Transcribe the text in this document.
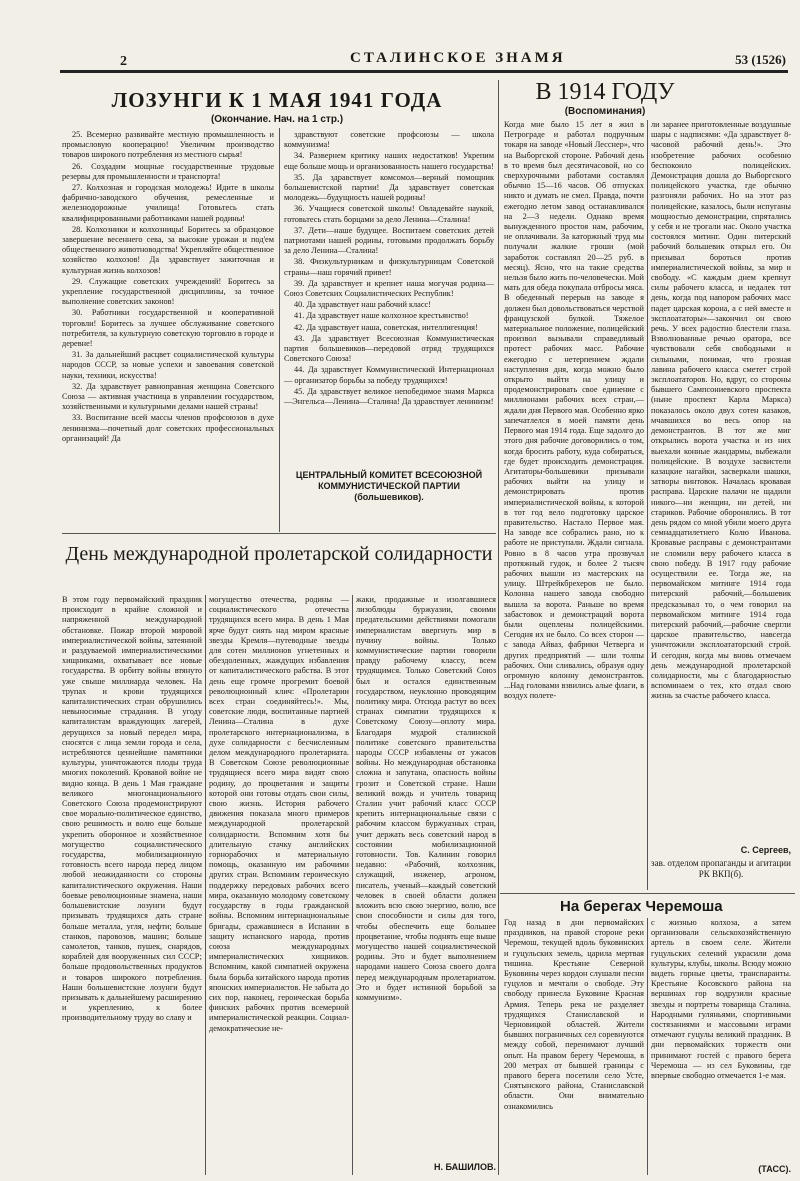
2	СТАЛИНСКОЕ ЗНАМЯ	53 (1526)
ЛОЗУНГИ К 1 МАЯ 1941 ГОДА
(Окончание. Нач. на 1 стр.)

25. Всемерно развивайте местную промышленность и промысловую кооперацию! Увеличим производство товаров широкого потребления из местного сырья!

26. Создадим мощные государственные трудовые резервы для промышленности и транспорта!

27. Колхозная и городская молодежь! Идите в школы фабрично-заводского обучения, ремесленные и железнодорожные училища! Готовьтесь стать квалифицированными работниками нашей родины!

28. Колхозники и колхозницы! Боритесь за образцовое завершение весеннего сева, за высокие урожаи и под'ем общественного животноводства! Укрепляйте общественное хозяйство колхозов! Да здравствует зажиточная и культурная жизнь колхозов!

29. Служащие советских учреждений! Боритесь за укрепление государственной дисциплины, за точное выполнение советских законов!

30. Работники государственной и кооперативной торговли! Боритесь за лучшее обслуживание советского потребителя, за культурную советскую торговлю в городе и деревне!

31. За дальнейший расцвет социалистической культуры народов СССР, за новые успехи и завоевания советской науки, техники, искусства!

32. Да здравствует равноправная женщина Советского Союза — активная участница в управлении государством, хозяйственными и культурными делами нашей страны!

33. Воспитание всей массы членов профсоюзов в духе ленинизма—почетный долг советских профессиональных организаций! Да

здравствуют советские профсоюзы — школа коммунизма!

34. Развернем критику наших недостатков! Укрепим еще больше мощь и организованность нашего государства!

35. Да здравствует комсомол—верный помощник большевистской партии! Да здравствует советская молодежь—будущность нашей родины!

36. Учащиеся советской школы! Овладевайте наукой, готовьтесь стать борцами за дело Ленина—Сталина!

37. Дети—наше будущее. Воспитаем советских детей патриотами нашей родины, готовыми продолжать борьбу за дело Ленина—Сталина!

38. Физкультурникам и физкультурницам Советской страны—наш горячий привет!

39. Да здравствует и крепнет наша могучая родина—Союз Советских Социалистических Республик!

40. Да здравствует наш рабочий класс!

41. Да здравствует наше колхозное крестьянство!

42. Да здравствует наша, советская, интеллигенция!

43. Да здравствует Всесоюзная Коммунистическая партия большевиков—передовой отряд трудящихся Советского Союза!

44. Да здравствует Коммунистический Интернационал — организатор борьбы за победу трудящихся!

45. Да здравствует великое непобедимое знамя Маркса—Энгельса—Ленина—Сталина! Да здравствует ленинизм!

ЦЕНТРАЛЬНЫЙ КОМИТЕТ ВСЕСОЮЗНОЙ КОММУНИСТИЧЕСКОЙ ПАРТИИ (большевиков).
День международной пролетарской солидарности
В этом году первомайский праздник происходит в крайне сложной и напряженной международной обстановке. Пожар второй мировой империалистической войны, затеянной и раздуваемой империалистическими хищниками, охватывает все новые государства. В орбиту войны втянуто уже свыше миллиарда человек. На трупах и крови трудящихся капиталистических стран обрушились невыносимые страдания. В угоду капиталистам враждующих лагерей, дерущихся за новый передел мира, сносятся с лица земли города и села, истребляются ценнейшие памятники культуры, уничтожаются плоды труда многих поколений. Кровавой войне не видно конца. В день 1 Мая граждане великого многонационального Советского Союза продемонстрируют свое морально-политическое единство, свою решимость и волю еще больше укрепить оборонное и хозяйственное могущество социалистического государства, мобилизационную готовность всего народа перед лицом любой неожиданности со стороны капиталистического окружения. Наши боевые революционные знамена, наши большевистские лозунги будут призывать трудящихся дать стране больше металла, угля, нефти; больше станков, паровозов, машин; больше самолетов, танков, пушек, снарядов, кораблей для вооруженных сил СССР; больше продовольственных продуктов и товаров широкого потребления. Наши большевистские лозунги будут призывать к дальнейшему расширению и укреплению, к более производительному труду во славу и
могущество отечества, родины —социалистического отечества трудящихся всего мира. В день 1 Мая ярче будут сиять над миром красные звезды Кремля—путеводные звезды для сотен миллионов угнетенных и обездоленных, жаждущих избавления от капиталистического рабства. В этот день еще громче прогремит боевой революционный клич: «Пролетарии всех стран соединяйтесь!». Мы, советские люди, воспитанные партией Ленина—Сталина в духе пролетарского интернационализма, в духе солидарности с бесчисленным делом международного пролетариата. В Советском Союзе революционные трудящиеся всего мира видят свою родину, до процветания и защиты которой они готовы отдать свои силы, свою жизнь. История рабочего движения показала много примеров международной пролетарской солидарности. Вспомним хотя бы длительную стачку английских горнорабочих и материальную помощь, оказанную им рабочими других стран. Вспомним героическую поддержку передовых рабочих всего мира, оказанную молодому советскому государству в годы гражданской войны. Вспомним интернациональные бригады, сражавшиеся в Испании в защиту испанского народа, против союза международных империалистических хищников. Вспомним, какой симпатией окружена была борьба китайского народа против японских империалистов. Не забыта до сих пор, наконец, героическая борьба финских рабочих против всемерной империалистической реакции. Социал-демократические не-
жаки, продажные и изолгавшиеся лизоблюды буржуазии, своими предательскими действиями помогали империалистам ввергнуть мир в пучину войны. Только коммунистические партии говорили правду рабочему классу, всем трудящимся. Только Советский Союз был и остался единственным государством, неуклонно проводящим политику мира. Отсюда растут во всех странах симпатии трудящихся к Советскому Союзу—оплоту мира. Благодаря мудрой сталинской политике советского правительства народы СССР избавлены от ужасов войны. Но международная обстановка сложна и запутана, опасность войны грозит и Советской стране. Наши великий вождь и учитель товарищ Сталин учит рабочий класс СССР крепить интернациональные связи с рабочим классом буржуазных стран, учит держать весь советский народ в состоянии мобилизационной готовности. Тов. Калинин говорил недавно: «Рабочий, колхозник, служащий, инженер, агроном, писатель, ученый—каждый советский человек в своей области должен вложить всю свою энергию, волю, все свои способности и силы для того, чтобы обеспечить еще большее процветание, чтобы поднять еще выше могущество нашей социалистической родины. Это и будет выполнением народами нашего Союза своего долга перед международным пролетариатом. Это и будет истинной борьбой за коммунизм».
Н. БАШИЛОВ.
В 1914 ГОДУ
(Воспоминания)
Когда мне было 15 лет я жил в Петрограде и работал подручным токаря на заводе «Новый Лесснер», что на Выборгской стороне. Рабочий день в то время был десятичасовой, но со сверхурочными работами составлял обычно 15—16 часов. Об отпусках никто и думать не смел. Правда, почти ежегодно летом завод останавливался на 2—3 недели. Однако время вынужденного простоя нам, рабочим, не оплачивали. За каторжный труд мы получали жалкие гроши (мой заработок составлял 20—25 руб. в месяц). Ясно, что на такие средства нельзя было жить по-человечески. Мой мать для обеда покупала отбросы мяса. В обеденный перерыв на заводе я должен был довольствоваться черствой французской булкой. Тяжелое материальное положение, полицейский произвол вызывали справедливый протест рабочих масс. Рабочие ежегодно с нетерпением ждали наступления дня, когда можно было открыто выйти на улицу и продемонстрировать свое единение с миллионами рабочих всех стран,—ждали дня Первого мая. Особенно ярко запечатлелся в моей памяти день Первого мая 1914 года. Еще задолго до этого дня рабочие договорились о том, когда бросить работу, куда собираться, где будет происходить демонстрация. Агитаторы-большевики призывали рабочих выйти на улицу и демонстрировать против империалистической войны, к которой в тот год вело подготовку царское правительство. Настало Первое мая. На заводе все собрались рано, но к работе не приступали. Ждали сигнала. Ровно в 8 часов утра прозвучал протяжный гудок, и более 2 тысяч рабочих вышли из мастерских на улицу. Штрейкбрехеров не было. Колонна нашего завода свободно вышла за ворота. Раньше во время забастовок и демонстраций ворота были оцеплены полицейскими. Сегодня их не было. Со всех сторон — с завода Айваз, фабрики Четверга и других предприятий — шли толпы рабочих. Они сливались, образуя одну огромную колонну демонстрантов. ...Над головами взвились алые флаги, в воздух полете-
ли заранее приготовленные воздушные шары с надписями: «Да здравствует 8-часовой рабочий день!». Это изобретение рабочих особенно беспокоило полицейских. Демонстрация дошла до Выборгского полицейского участка, где обычно разгоняли рабочих. Но на этот раз полицейские, казалось, были испуганы мощностью демонстрации, спрятались у себя и не трогали нас. Около участка состоялся митинг. Один питерский рабочий большевик открыл его. Он призывал бороться против империалистической войны, за мир и свободу. «С каждым днем крепнут силы рабочего класса, и недалек тот день, когда под напором рабочих масс падет царская корона, а с ней вместе и эксплоататоры»—закончил он свою речь. У всех радостно блестели глаза. Взволнованные речью оратора, все чувствовали себя свободными и сильными, понимая, что грозная лавина рабочего класса сметет строй эксплоататоров. Но, вдруг, со стороны бывшего Сампсониевского проспекта (ныне проспект Карла Маркса) показалось около двух сотен казаков, мчавшихся во весь опор на демонстрантов. В тот же миг открылись ворота участка и из них выехали конные жандармы, выбежали полицейские. В воздухе засвистели казацкие нагайки, засверкали шашки, затворы винтовок. Началась кровавая расправа. Царские палачи не щадили никого—ни женщин, ни детей, ни стариков. Рабочие оборонялись. В тот день рядом со мной убили моего друга семнадцатилетнего Колю Иванова. Кровавые расправы с демонстрантами не сломили веру рабочего класса в свою победу. В 1917 году рабочие осуществили ее. Тогда же, на первомайском митинге 1914 года питерский рабочий,—большевик предсказывал то, о чем говорил на первомайском митинге 1914 года питерский рабочий,—рабочие свергли царское правительство, навсегда уничтожили эксплоататорский строй. И сегодня, когда мы вновь отмечаем день международной пролетарской солидарности, мы с благодарностью вспоминаем о тех, кто отдал свою жизнь за счастье рабочего класса.
С. Сергеев,
зав. отделом пропаганды и агитации РК ВКП(б).
На берегах Черемоша
Год назад в дни первомайских праздников, на правой стороне реки Черемош, текущей вдоль буковинских и гуцульских земель, царила мертвая тишина. Крестьяне Северной Буковины через кордон слушали песни гуцулов и мечтали о свободе. Эту свободу принесла Буковине Красная Армия. Теперь река не разделяет трудящихся Станиславской и Черновицкой областей. Жители бывших пограничных сел соревнуются между собой, перенимают лучший опыт. На правом берегу Черемоша, в 200 метрах от бывшей границы с правого берега посетили село Усте, Снятынского района, Станиславской области. Они внимательно ознакомились
с жизнью колхоза, а затем организовали сельскохозяйственную артель в своем селе. Жители гуцульских селений украсили дома культуры, клубы, школы. Всюду можно видеть горные цветы, транспаранты. Крестьяне Косовского района на вершинах гор водрузили красные звезды и портреты товарища Сталина. Народными гуляньями, спортивными состязаниями и массовыми играми отмечают гуцулы великий праздник. В дни первомайских торжеств они принимают гостей с правого берега Черемоша — из сел Буковины, где впервые свободно отмечается 1-е мая.
(ТАСС).
